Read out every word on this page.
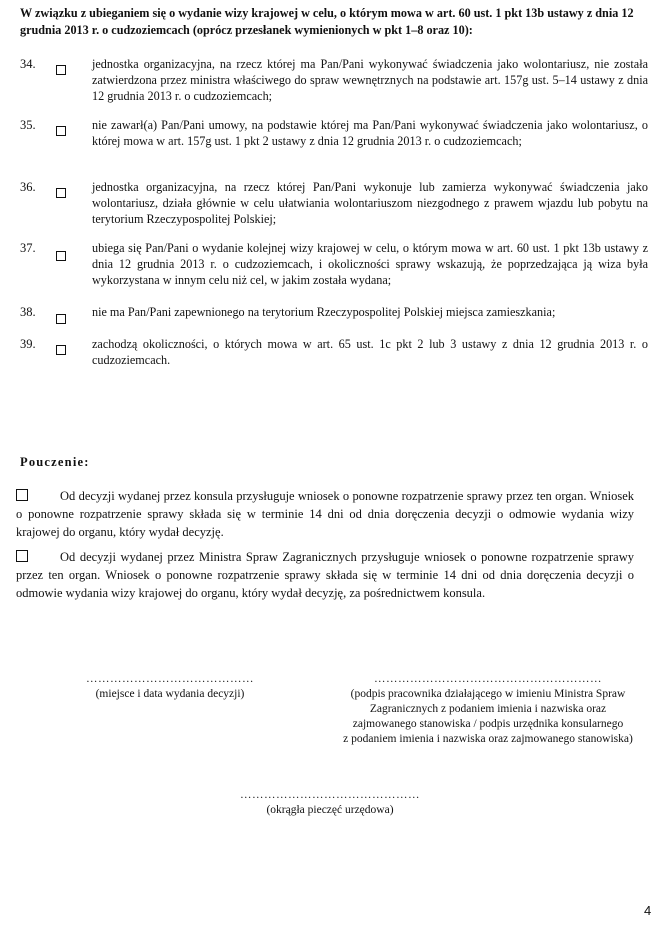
W związku z ubieganiem się o wydanie wizy krajowej w celu, o którym mowa w art. 60 ust. 1 pkt 13b ustawy z dnia 12 grudnia 2013 r. o cudzoziemcach (oprócz przesłanek wymienionych w pkt 1–8 oraz 10):
34.	jednostka organizacyjna, na rzecz której ma Pan/Pani wykonywać świadczenia jako wolontariusz, nie została zatwierdzona przez ministra właściwego do spraw wewnętrznych na podstawie art. 157g ust. 5–14 ustawy z dnia 12 grudnia 2013 r. o cudzoziemcach;
35.	nie zawarł(a) Pan/Pani umowy, na podstawie której ma Pan/Pani wykonywać świadczenia jako wolontariusz, o której mowa w art. 157g ust. 1 pkt 2 ustawy z dnia 12 grudnia 2013 r. o cudzoziemcach;
36.	jednostka organizacyjna, na rzecz której Pan/Pani wykonuje lub zamierza wykonywać świadczenia jako wolontariusz, działa głównie w celu ułatwiania wolontariuszom niezgodnego z prawem wjazdu lub pobytu na terytorium Rzeczypospolitej Polskiej;
37.	ubiega się Pan/Pani o wydanie kolejnej wizy krajowej w celu, o którym mowa w art. 60 ust. 1 pkt 13b ustawy z dnia 12 grudnia 2013 r. o cudzoziemcach, i okoliczności sprawy wskazują, że poprzedzająca ją wiza była wykorzystana w innym celu niż cel, w jakim została wydana;
38.	nie ma Pan/Pani zapewnionego na terytorium Rzeczypospolitej Polskiej miejsca zamieszkania;
39.	zachodzą okoliczności, o których mowa w art. 65 ust. 1c pkt 2 lub 3 ustawy z dnia 12 grudnia 2013 r. o cudzoziemcach.
Pouczenie:
Od decyzji wydanej przez konsula przysługuje wniosek o ponowne rozpatrzenie sprawy przez ten organ. Wniosek o ponowne rozpatrzenie sprawy składa się w terminie 14 dni od dnia doręczenia decyzji o odmowie wydania wizy krajowej do organu, który wydał decyzję.
Od decyzji wydanej przez Ministra Spraw Zagranicznych przysługuje wniosek o ponowne rozpatrzenie sprawy przez ten organ. Wniosek o ponowne rozpatrzenie sprawy składa się w terminie 14 dni od dnia doręczenia decyzji o odmowie wydania wizy krajowej do organu, który wydał decyzję, za pośrednictwem konsula.
……………………………………
(miejsce i data wydania decyzji)
…………………………………………………
(podpis pracownika działającego w imieniu Ministra Spraw
Zagranicznych z podaniem imienia i nazwiska oraz
zajmowanego stanowiska / podpis urzędnika konsularnego
z podaniem imienia i nazwiska oraz zajmowanego stanowiska)
………………………………………
(okrągła pieczęć urzędowa)
4
